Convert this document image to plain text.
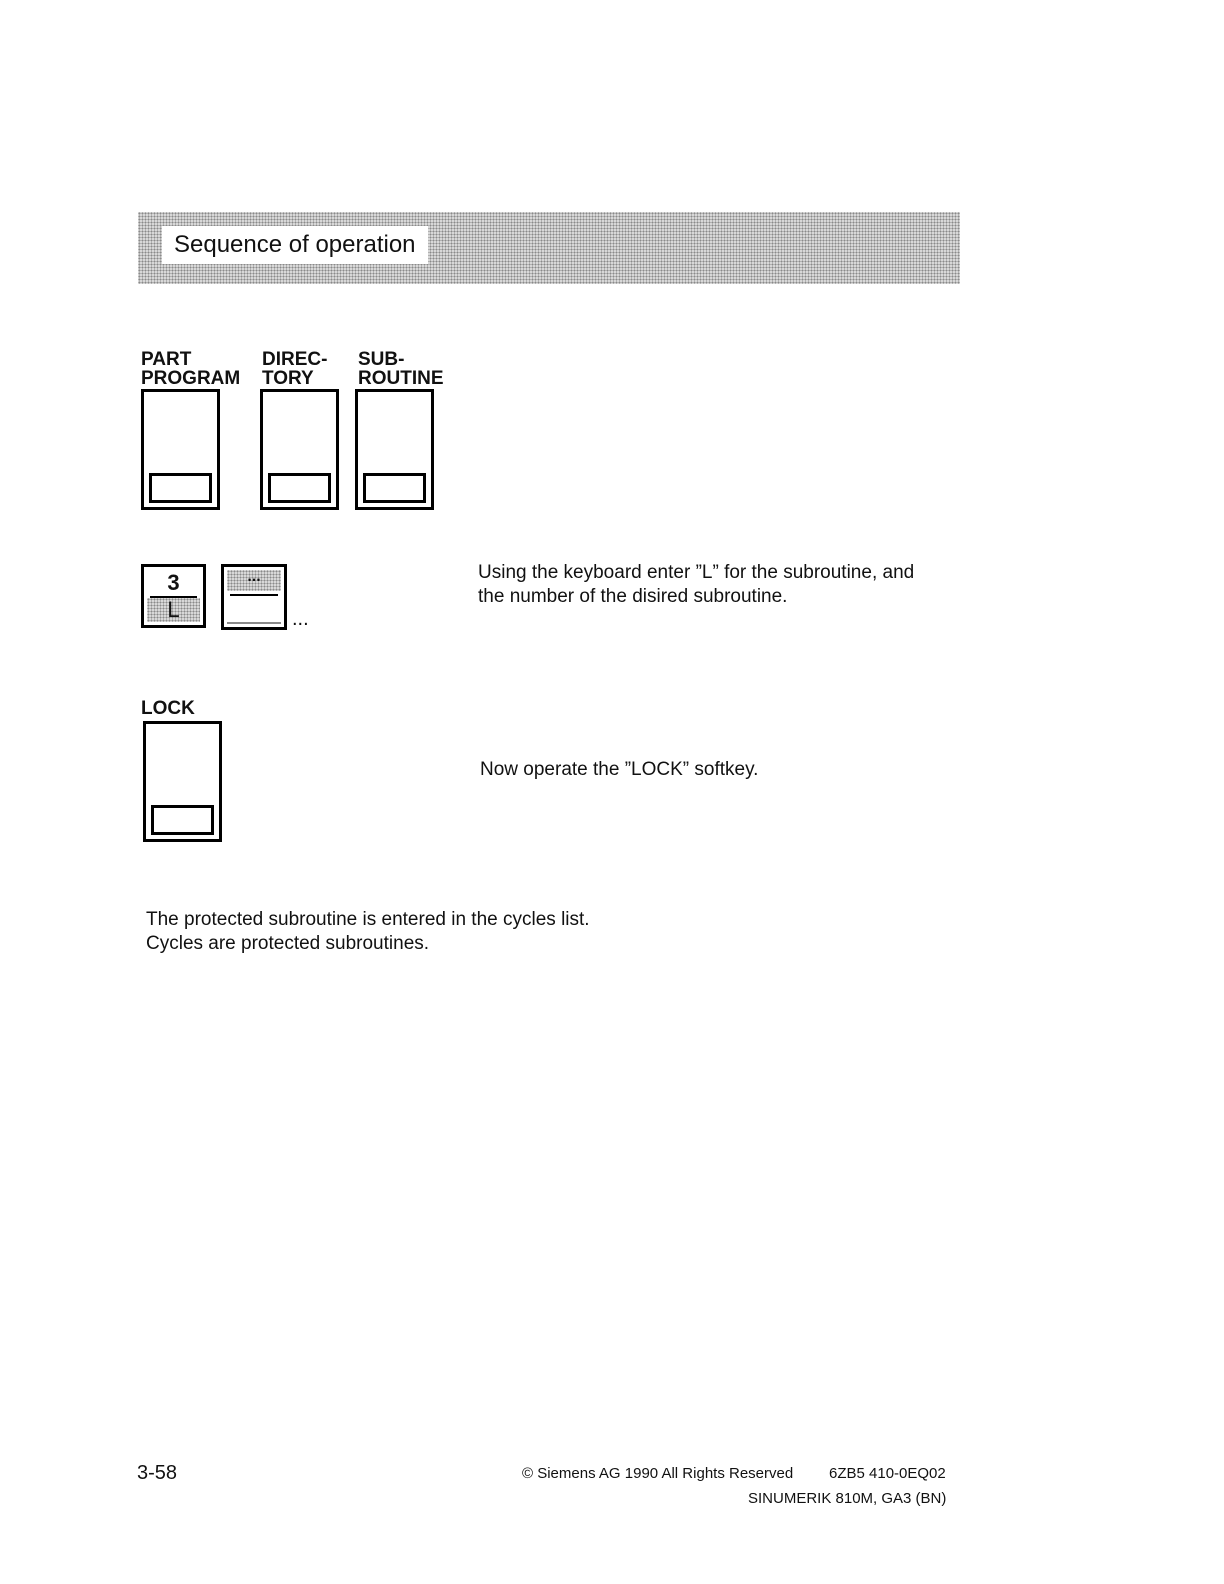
Sequence of operation
PART
PROGRAM
DIREC-
TORY
SUB-
ROUTINE
3
L
...
...
Using the keyboard enter ”L” for the subroutine, and
the number of the disired subroutine.
LOCK
Now operate the ”LOCK” softkey.
The protected subroutine is entered in the cycles list.
Cycles are protected subroutines.
3-58	© Siemens AG 1990 All Rights Reserved 6ZB5 410-0EQ02
SINUMERIK 810M, GA3 (BN)
